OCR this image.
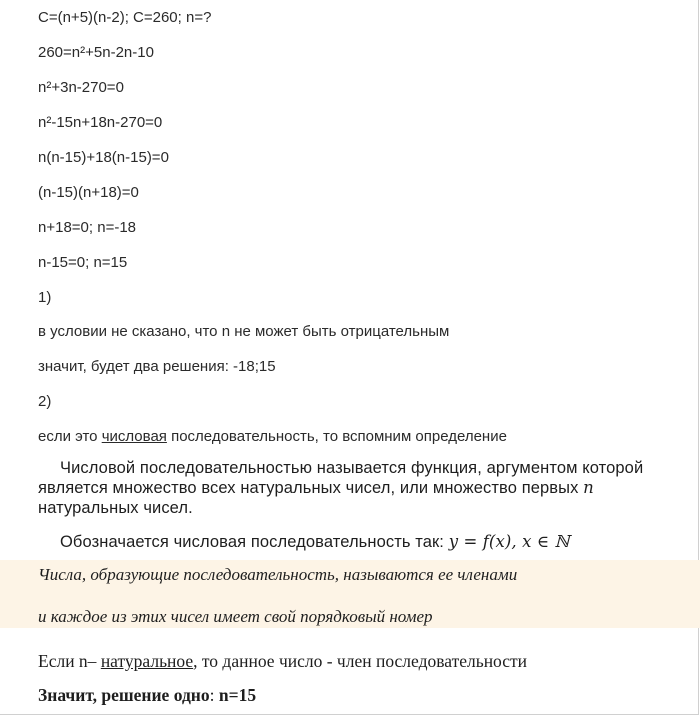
C=(n+5)(n-2); C=260; n=?
260=n²+5n-2n-10
n²+3n-270=0
n²-15n+18n-270=0
n(n-15)+18(n-15)=0
(n-15)(n+18)=0
n+18=0; n=-18
n-15=0; n=15
1)
в условии не сказано, что n не может быть отрицательным
значит, будет два решения: -18;15
2)
если это числовая последовательность, то вспомним определение
Числовой последовательностью называется функция, аргументом которой является множество всех натуральных чисел, или множество первых n натуральных чисел.
Обозначается числовая последовательность так: y = f(x), x ∈ ℕ
Числа, образующие последовательность, называются ее членами
и каждое из этих чисел имеет свой порядковый номер
Если n– натуральное, то данное число - член последовательности
Значит, решение одно: n=15
